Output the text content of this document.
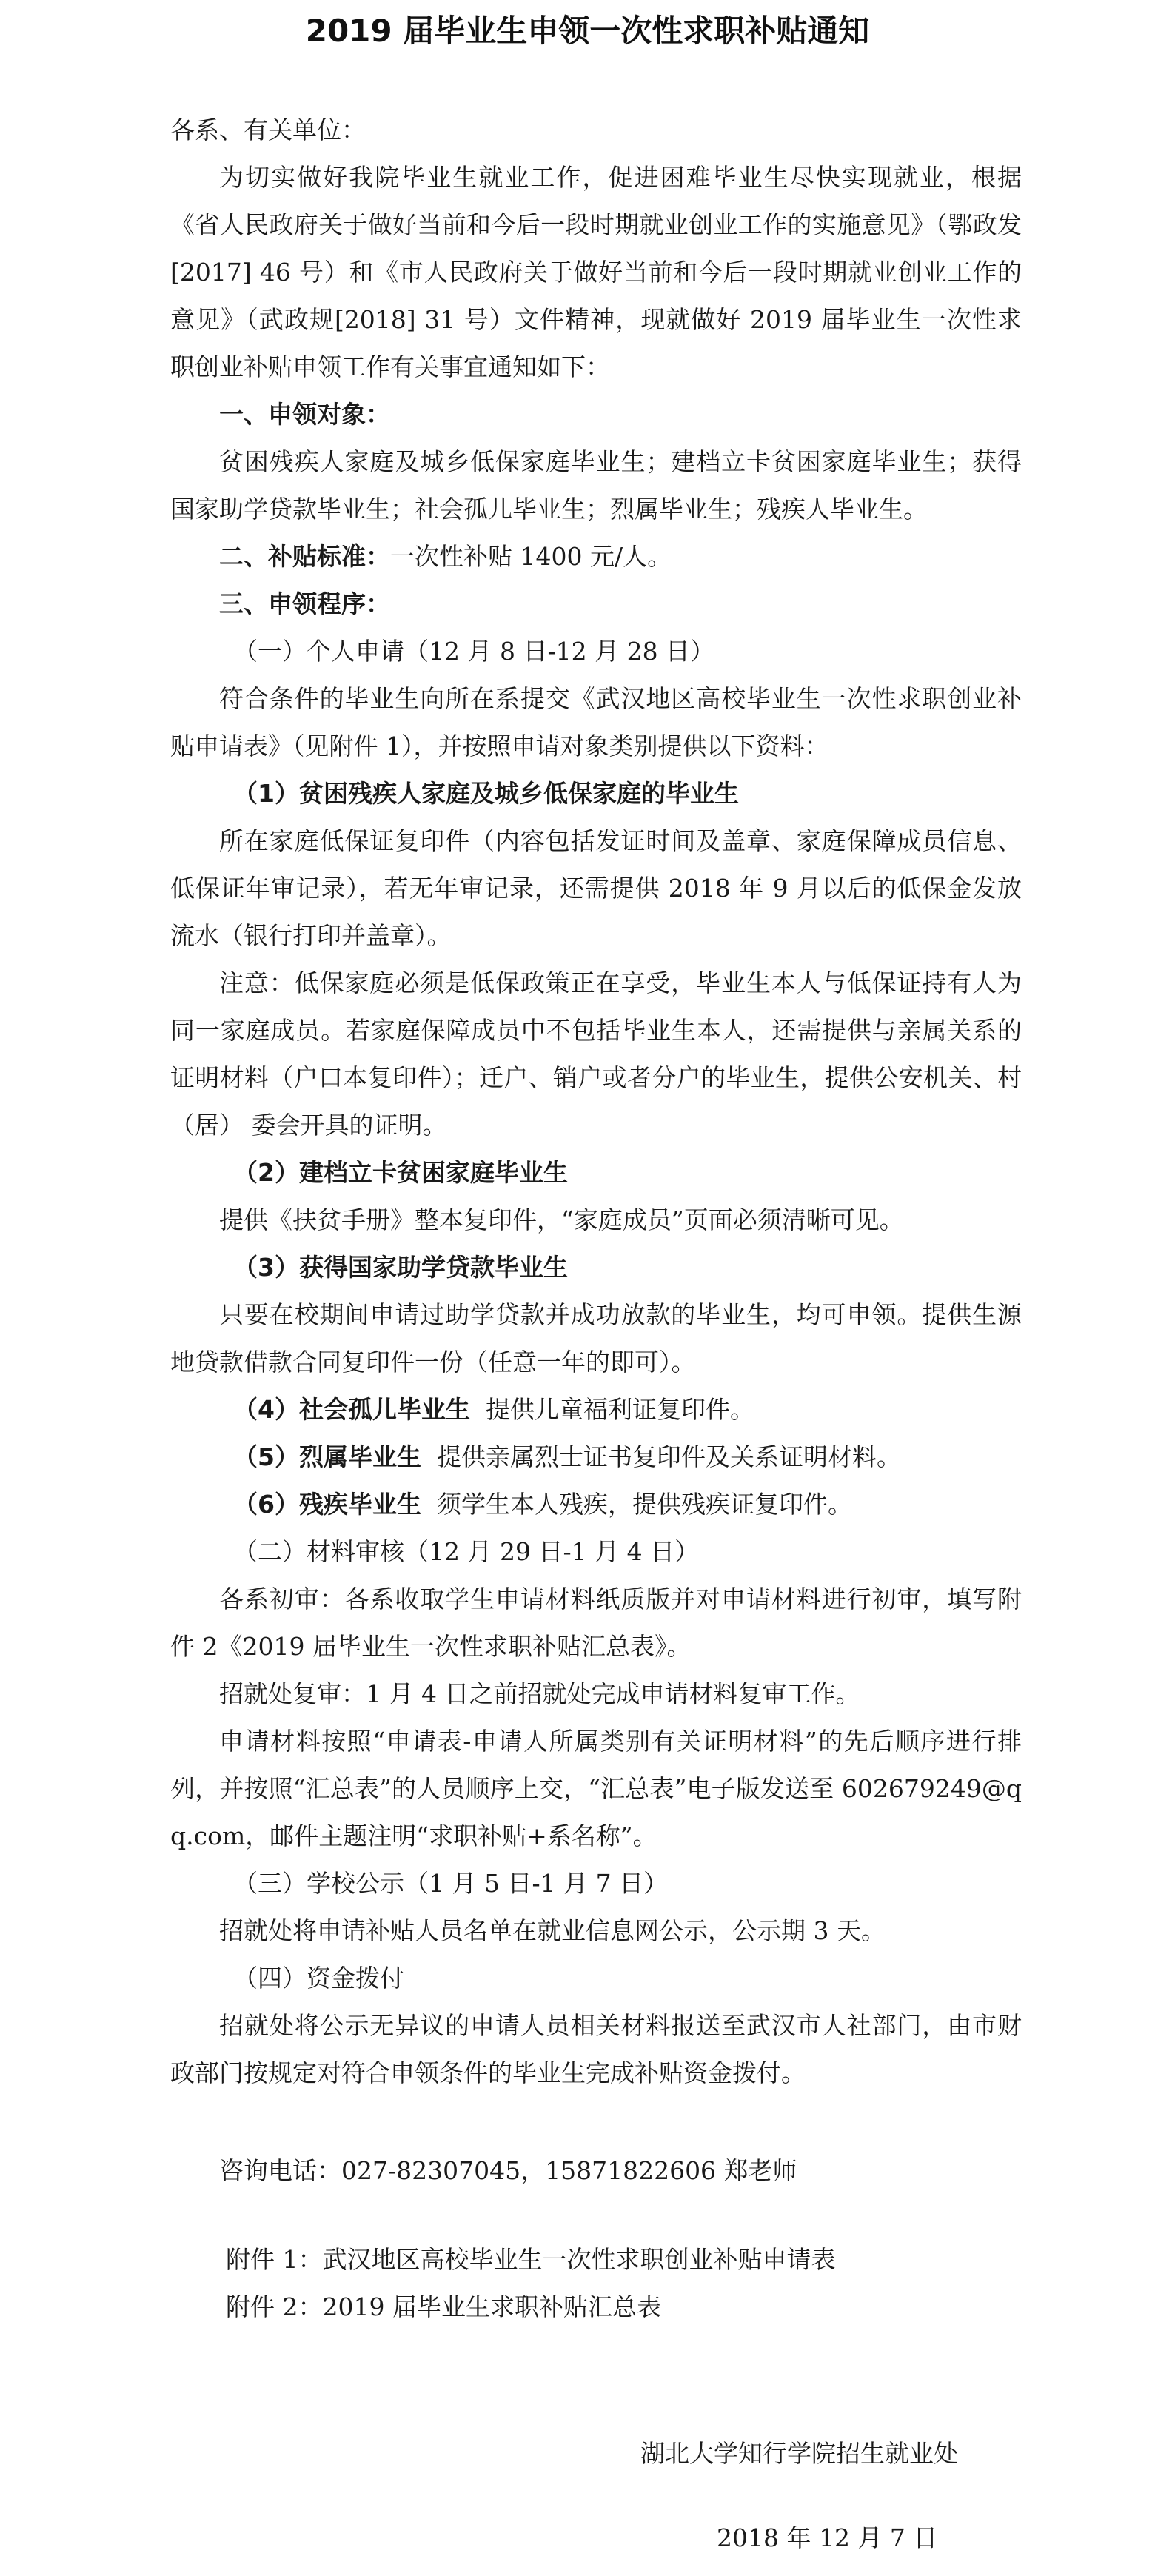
2019 届毕业生申领一次性求职补贴通知

各系、有关单位：

为切实做好我院毕业生就业工作，促进困难毕业生尽快实现就业，根据《省人民政府关于做好当前和今后一段时期就业创业工作的实施意见》（鄂政发[2017] 46 号）和《市人民政府关于做好当前和今后一段时期就业创业工作的意见》（武政规[2018] 31 号）文件精神，现就做好 2019 届毕业生一次性求职创业补贴申领工作有关事宜通知如下：

一、申领对象：

贫困残疾人家庭及城乡低保家庭毕业生；建档立卡贫困家庭毕业生；获得国家助学贷款毕业生；社会孤儿毕业生；烈属毕业生；残疾人毕业生。

二、补贴标准：一次性补贴 1400 元/人。

三、申领程序：

（一）个人申请（12 月 8 日-12 月 28 日）

符合条件的毕业生向所在系提交《武汉地区高校毕业生一次性求职创业补贴申请表》（见附件 1），并按照申请对象类别提供以下资料：

（1）贫困残疾人家庭及城乡低保家庭的毕业生

所在家庭低保证复印件（内容包括发证时间及盖章、家庭保障成员信息、低保证年审记录），若无年审记录，还需提供 2018 年 9 月以后的低保金发放流水（银行打印并盖章）。

注意：低保家庭必须是低保政策正在享受，毕业生本人与低保证持有人为同一家庭成员。若家庭保障成员中不包括毕业生本人，还需提供与亲属关系的证明材料（户口本复印件）；迁户、销户或者分户的毕业生，提供公安机关、村（居） 委会开具的证明。

（2）建档立卡贫困家庭毕业生

提供《扶贫手册》整本复印件，“家庭成员”页面必须清晰可见。

（3）获得国家助学贷款毕业生

只要在校期间申请过助学贷款并成功放款的毕业生，均可申领。提供生源地贷款借款合同复印件一份（任意一年的即可）。

（4）社会孤儿毕业生 提供儿童福利证复印件。

（5）烈属毕业生 提供亲属烈士证书复印件及关系证明材料。

（6）残疾毕业生 须学生本人残疾，提供残疾证复印件。

（二）材料审核（12 月 29 日-1 月 4 日）

各系初审：各系收取学生申请材料纸质版并对申请材料进行初审，填写附件 2《2019 届毕业生一次性求职补贴汇总表》。

招就处复审：1 月 4 日之前招就处完成申请材料复审工作。

申请材料按照“申请表-申请人所属类别有关证明材料”的先后顺序进行排列，并按照“汇总表”的人员顺序上交，“汇总表”电子版发送至 602679249@qq.com，邮件主题注明“求职补贴+系名称”。

（三）学校公示（1 月 5 日-1 月 7 日）

招就处将申请补贴人员名单在就业信息网公示，公示期 3 天。

（四）资金拨付

招就处将公示无异议的申请人员相关材料报送至武汉市人社部门，由市财政部门按规定对符合申领条件的毕业生完成补贴资金拨付。

咨询电话：027-82307045，15871822606 郑老师

附件 1：武汉地区高校毕业生一次性求职创业补贴申请表

附件 2：2019 届毕业生求职补贴汇总表

湖北大学知行学院招生就业处
2018 年 12 月 7 日
